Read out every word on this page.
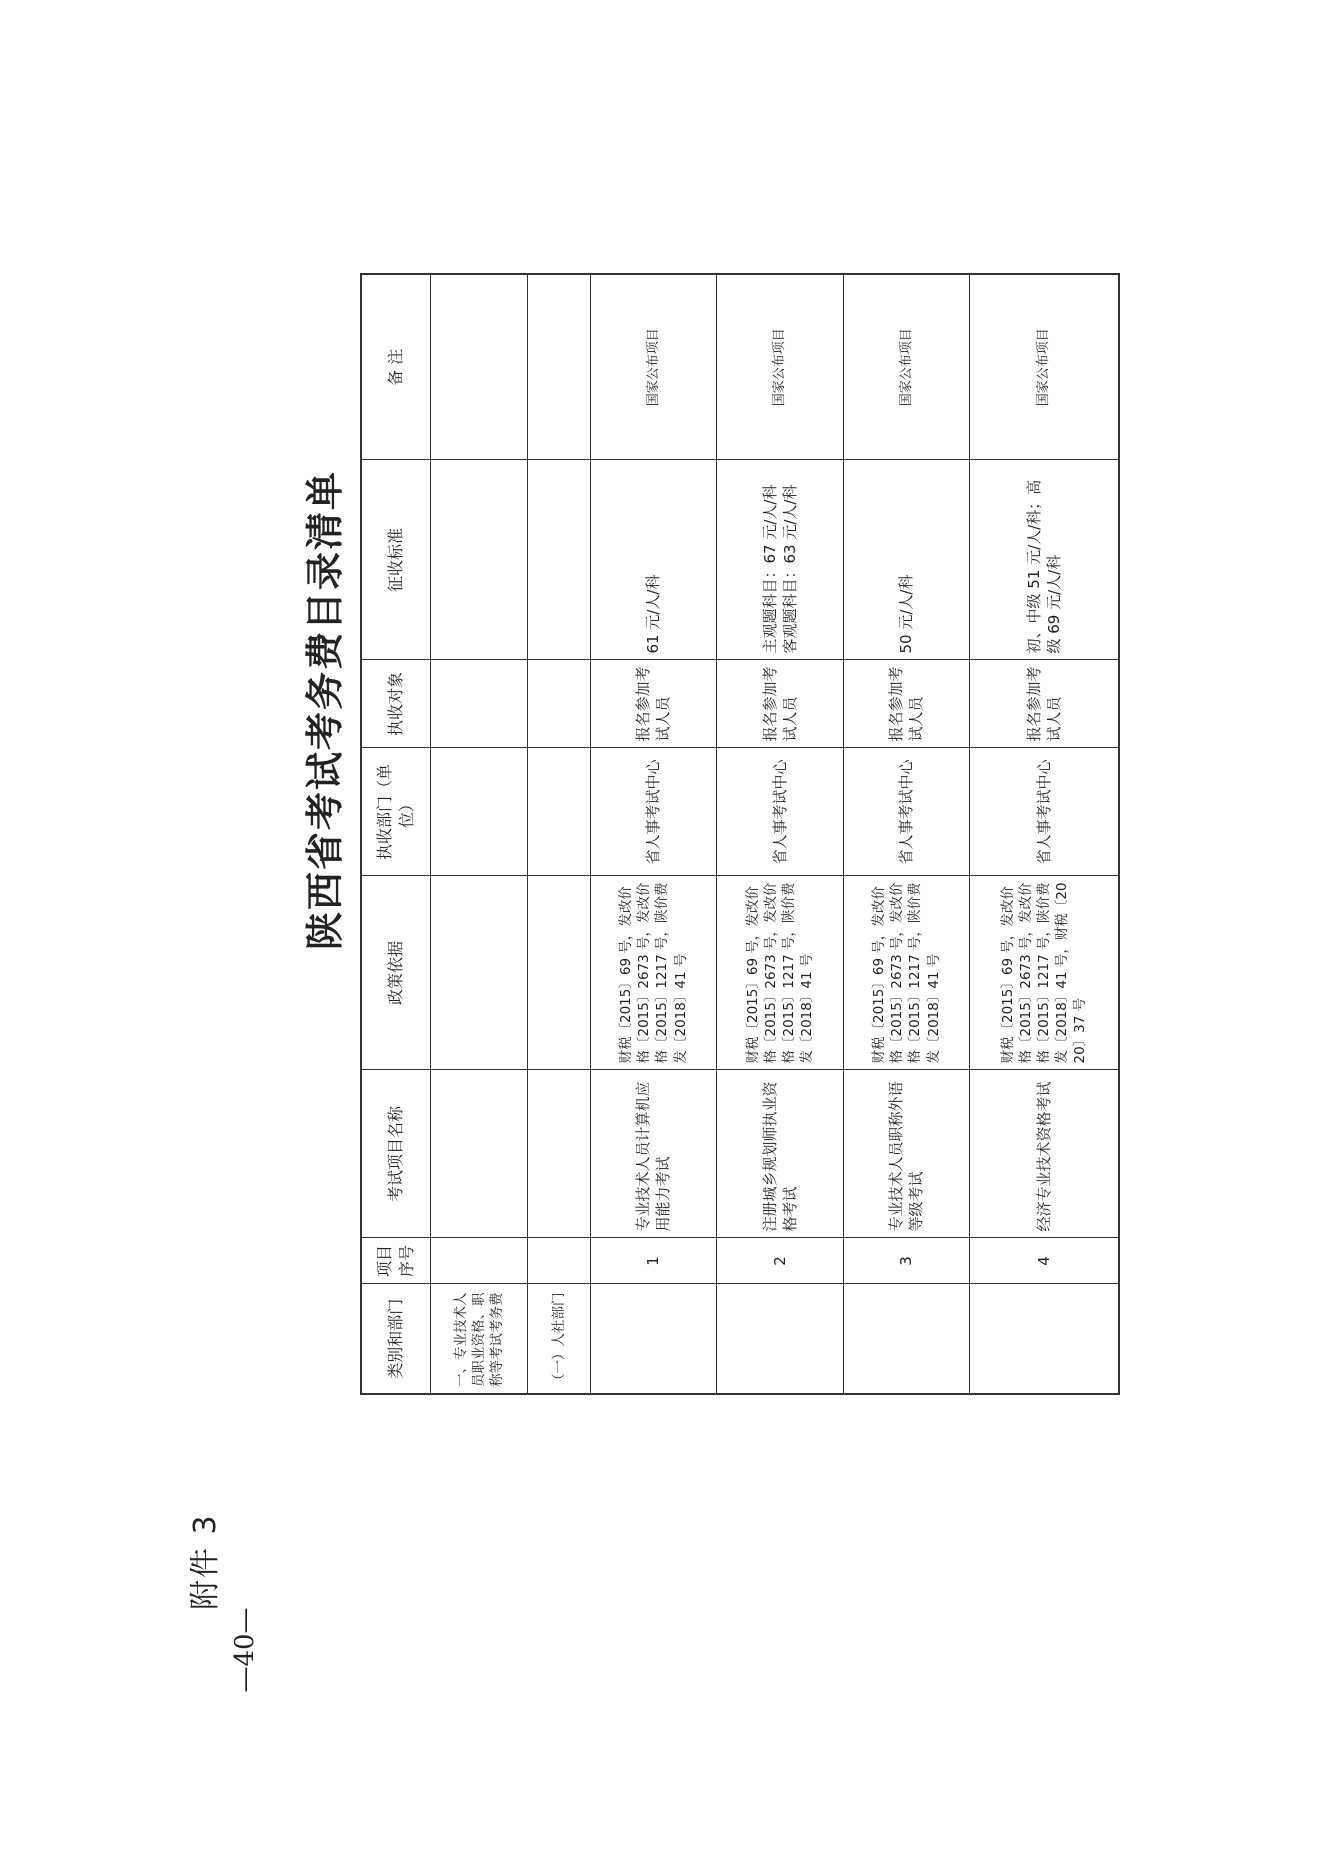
附件 3
—40—
陕西省考试考务费目录清单
类别和部门	项目序号	考试项目名称	政策依据	执收部门（单位）	执收对象	征收标准	备 注
一、专业技术人员职业资格、职称等考试考务费							
（一）人社部门							
	1	专业技术人员计算机应用能力考试	财税〔2015〕69 号，发改价格〔2015〕2673 号，发改价格〔2015〕1217 号，陕价费发〔2018〕41 号	省人事考试中心	报名参加考试人员	61 元/人/科	国家公布项目
	2	注册城乡规划师执业资格考试	财税〔2015〕69 号，发改价格〔2015〕2673 号，发改价格〔2015〕1217 号，陕价费发〔2018〕41 号	省人事考试中心	报名参加考试人员	主观题科目：67 元/人/科 客观题科目：63 元/人/科	国家公布项目
	3	专业技术人员职称外语等级考试	财税〔2015〕69 号，发改价格〔2015〕2673 号，发改价格〔2015〕1217 号，陕价费发〔2018〕41 号	省人事考试中心	报名参加考试人员	50 元/人/科	国家公布项目
	4	经济专业技术资格考试	财税〔2015〕69 号，发改价格〔2015〕2673 号，发改价格〔2015〕1217 号，陕价费发〔2018〕41 号，财税〔2020〕37 号	省人事考试中心	报名参加考试人员	初、中级 51 元/人/科；高级 69 元/人/科	国家公布项目
